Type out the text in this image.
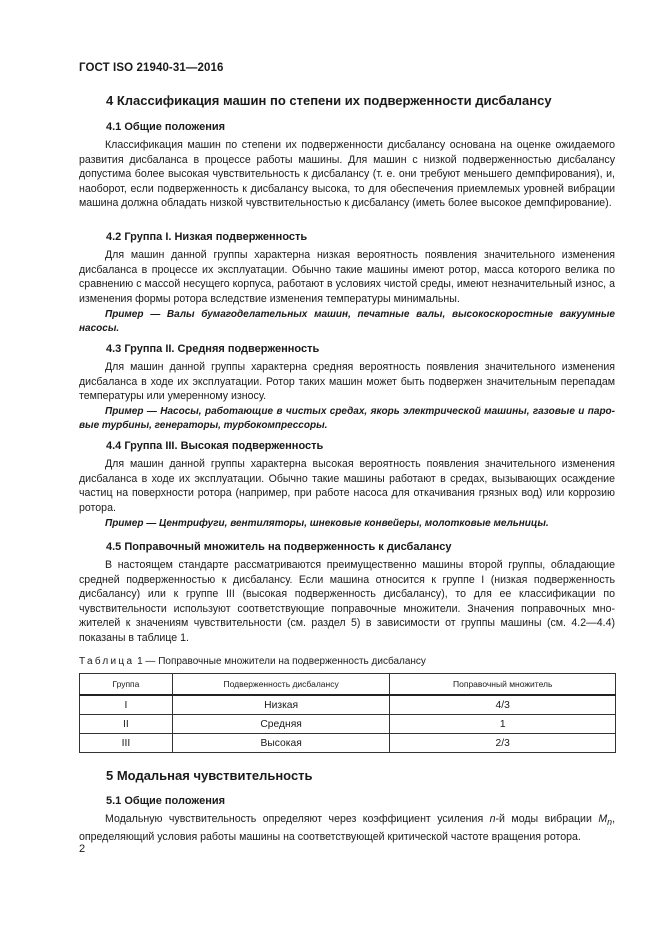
ГОСТ ISO 21940-31—2016
4 Классификация машин по степени их подверженности дисбалансу
4.1 Общие положения

Классификация машин по степени их подверженности дисбалансу основана на оценке ожидаемого развития дисбаланса в процессе работы машины. Для машин с низкой подверженностью дисбалансу допустима более высокая чувствительность к дисбалансу (т. е. они требуют меньшего демпфирования), и, наоборот, если подверженность к дисбалансу высока, то для обеспечения приемлемых уровней вибрации машина должна обладать низкой чувствительностью к дисбалансу (иметь более высокое демпфирование).

4.2 Группа I. Низкая подверженность

Для машин данной группы характерна низкая вероятность появления значительного изменения дисбаланса в процессе их эксплуатации. Обычно такие машины имеют ротор, масса которого велика по сравнению с массой несущего корпуса, работают в условиях чистой среды, имеют незначительный износ, а изменения формы ротора вследствие изменения температуры минимальны.

Пример — Валы бумагоделательных машин, печатные валы, высокоскоростные вакуумные насосы.

4.3 Группа II. Средняя подверженность

Для машин данной группы характерна средняя вероятность появления значительного изменения дисбаланса в ходе их эксплуатации. Ротор таких машин может быть подвержен значительным перепадам температуры или умеренному износу.

Пример — Насосы, работающие в чистых средах, якорь электрической машины, газовые и паровые турбины, генераторы, турбокомпрессоры.

4.4 Группа III. Высокая подверженность

Для машин данной группы характерна высокая вероятность появления значительного изменения дисбаланса в ходе их эксплуатации. Обычно такие машины работают в средах, вызывающих осаждение частиц на поверхности ротора (например, при работе насоса для откачивания грязных вод) или коррозию ротора.

Пример — Центрифуги, вентиляторы, шнековые конвейеры, молотковые мельницы.

4.5 Поправочный множитель на подверженность к дисбалансу

В настоящем стандарте рассматриваются преимущественно машины второй группы, обладающие средней подверженностью к дисбалансу. Если машина относится к группе I (низкая подверженность дисбалансу) или к группе III (высокая подверженность дисбалансу), то для ее классификации по чувствительности используют соответствующие поправочные множители. Значения поправочных множителей к значениям чувствительности (см. раздел 5) в зависимости от группы машины (см. 4.2—4.4) показаны в таблице 1.

Таблица 1 — Поправочные множители на подверженность дисбалансу
Группа	Подверженность дисбалансу	Поправочный множитель
I	Низкая	4/3
II	Средняя	1
III	Высокая	2/3
5 Модальная чувствительность
5.1 Общие положения

Модальную чувствительность определяют через коэффициент усиления n-й моды вибрации $M_n$, определяющий условия работы машины на соответствующей критической частоте вращения ротора.

2
